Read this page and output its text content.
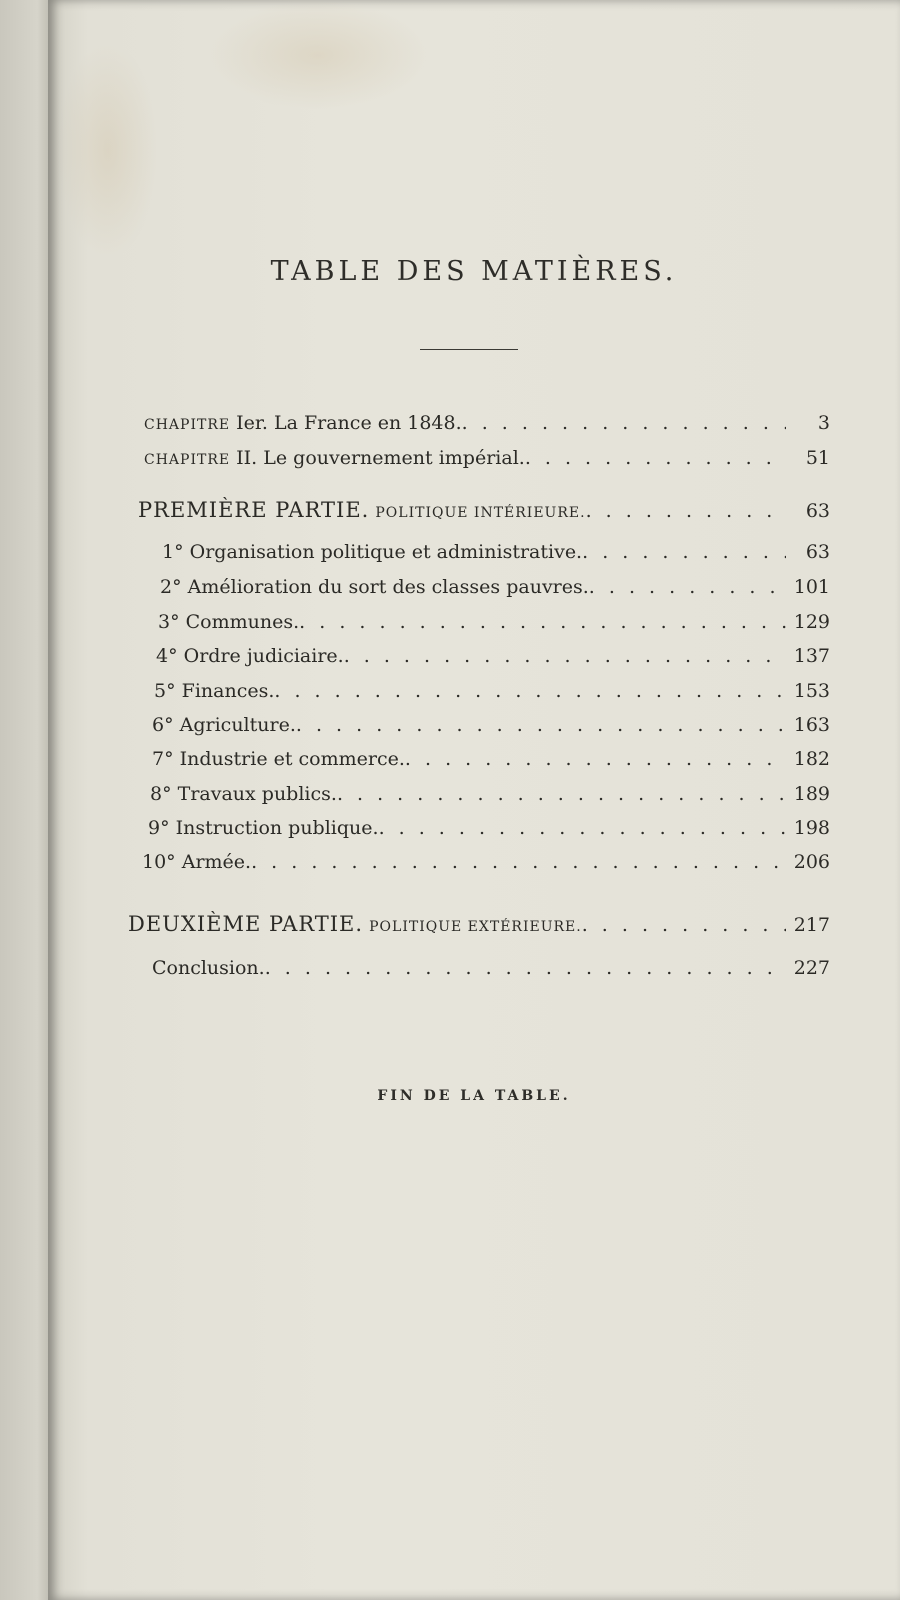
TABLE DES MATIÈRES.
CHAPITRE Ier. La France en 1848. . . .	3
CHAPITRE II. Le gouvernement impérial. . . .	51
PREMIÈRE PARTIE. POLITIQUE INTÉRIEURE. . . .	63
1° Organisation politique et administrative. . . .	63
2° Amélioration du sort des classes pauvres. . . .	101
3° Communes. . . .	129
4° Ordre judiciaire. . . .	137
5° Finances. . . .	153
6° Agriculture. . . .	163
7° Industrie et commerce. . . .	182
8° Travaux publics. . . .	189
9° Instruction publique. . . .	198
10° Armée. . . .	206
DEUXIÈME PARTIE. POLITIQUE EXTÉRIEURE. . . .	217
Conclusion. . . .	227
FIN DE LA TABLE.
